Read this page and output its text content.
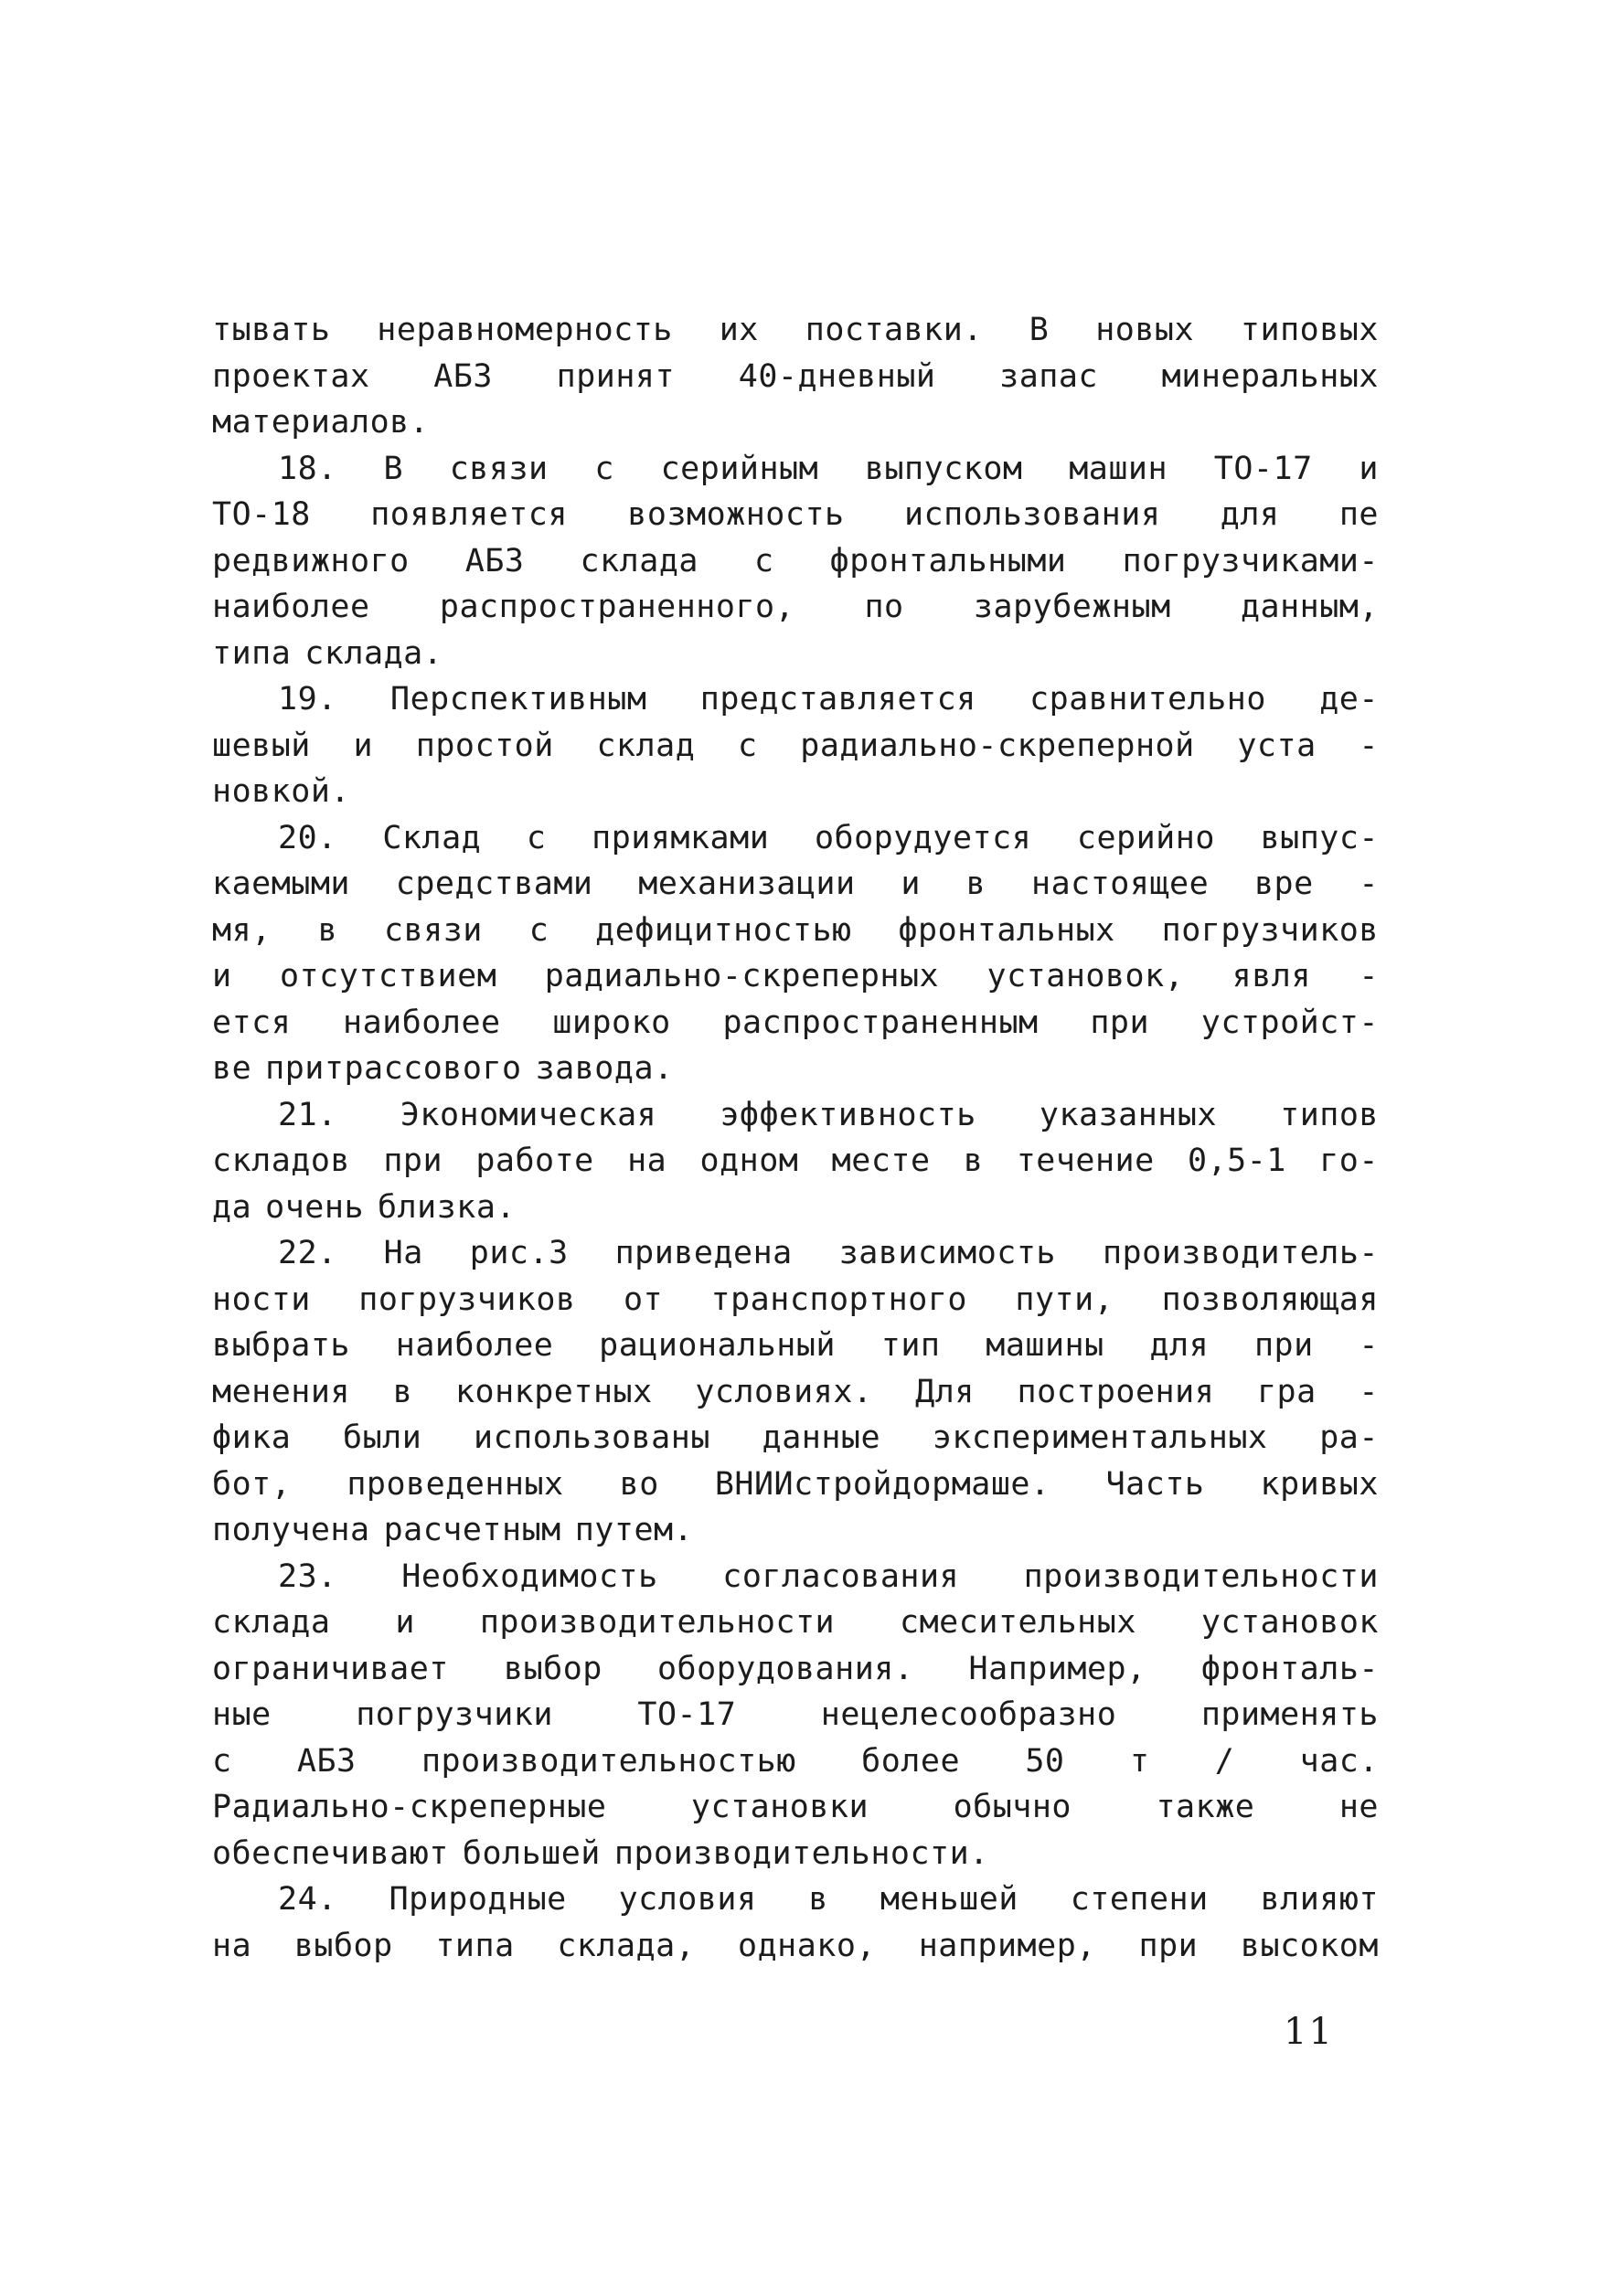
тывать неравномерность их поставки. В новых типовых
проектах АБЗ принят 40-дневный запас минеральных
материалов.
18. В связи с серийным выпуском машин ТО-17 и
ТО-18 появляется возможность использования для пе
редвижного АБЗ склада с фронтальными погрузчиками-
наиболее распространенного, по зарубежным данным,
типа склада.
19. Перспективным представляется сравнительно де-
шевый и простой склад с радиально-скреперной уста -
новкой.
20. Склад с приямками оборудуется серийно выпус-
каемыми средствами механизации и в настоящее вре -
мя, в связи с дефицитностью фронтальных погрузчиков
и отсутствием радиально-скреперных установок, явля -
ется наиболее широко распространенным при устройст-
ве притрассового завода.
21. Экономическая эффективность указанных типов
складов при работе на одном месте в течение 0,5-1 го-
да очень близка.
22. На рис.3 приведена зависимость производитель-
ности погрузчиков от транспортного пути, позволяющая
выбрать наиболее рациональный тип машины для при -
менения в конкретных условиях. Для построения гра -
фика были использованы данные экспериментальных ра-
бот, проведенных во ВНИИстройдормаше. Часть кривых
получена расчетным путем.
23. Необходимость согласования производительности
склада и производительности смесительных установок
ограничивает выбор оборудования. Например, фронталь-
ные	погрузчики	ТО-17	нецелесообразно	применять
с АБЗ производительностью более 50 т / час.
Радиально-скреперные	установки	обычно	также	не
обеспечивают большей производительности.
24. Природные условия в меньшей степени влияют
на выбор типа склада, однако, например, при высоком
11
